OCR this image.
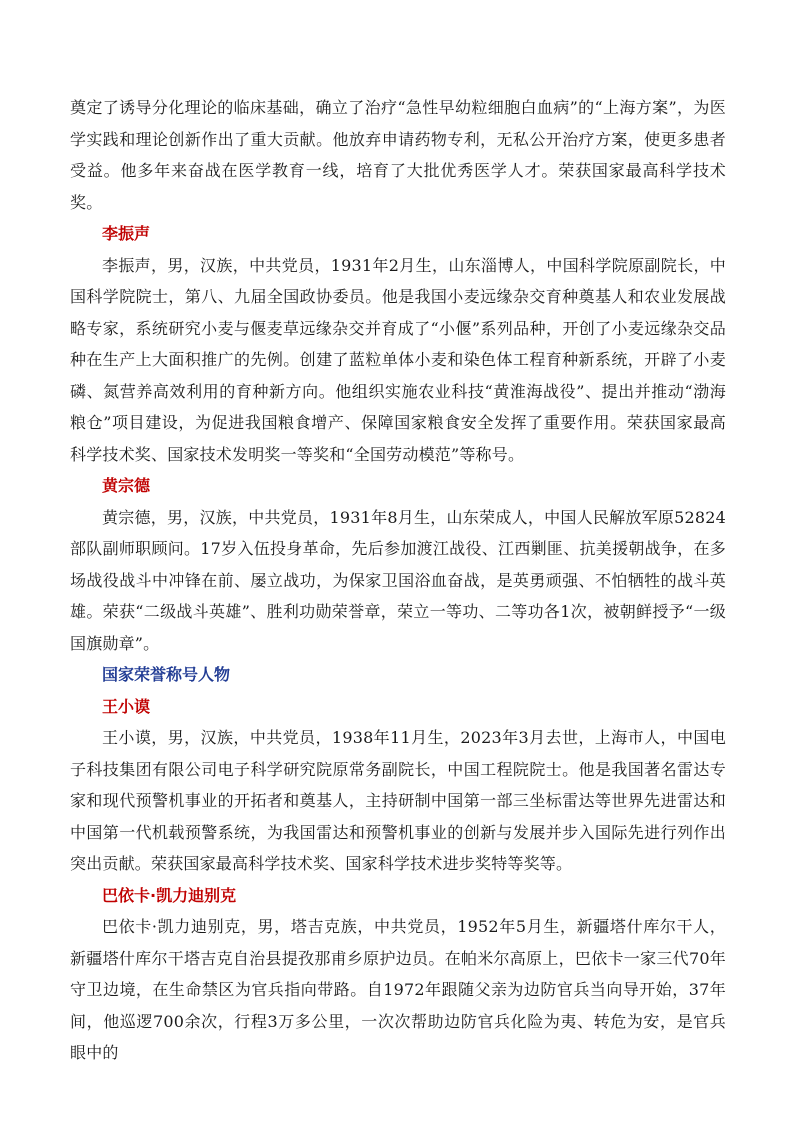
奠定了诱导分化理论的临床基础，确立了治疗“急性早幼粒细胞白血病”的“上海方案”，为医学实践和理论创新作出了重大贡献。他放弃申请药物专利，无私公开治疗方案，使更多患者受益。他多年来奋战在医学教育一线，培育了大批优秀医学人才。荣获国家最高科学技术奖。

李振声

李振声，男，汉族，中共党员，1931年2月生，山东淄博人，中国科学院原副院长，中国科学院院士，第八、九届全国政协委员。他是我国小麦远缘杂交育种奠基人和农业发展战略专家，系统研究小麦与偃麦草远缘杂交并育成了“小偃”系列品种，开创了小麦远缘杂交品种在生产上大面积推广的先例。创建了蓝粒单体小麦和染色体工程育种新系统，开辟了小麦磷、氮营养高效利用的育种新方向。他组织实施农业科技“黄淮海战役”、提出并推动“渤海粮仓”项目建设，为促进我国粮食增产、保障国家粮食安全发挥了重要作用。荣获国家最高科学技术奖、国家技术发明奖一等奖和“全国劳动模范”等称号。

黄宗德

黄宗德，男，汉族，中共党员，1931年8月生，山东荣成人，中国人民解放军原52824部队副师职顾问。17岁入伍投身革命，先后参加渡江战役、江西剿匪、抗美援朝战争，在多场战役战斗中冲锋在前、屡立战功，为保家卫国浴血奋战，是英勇顽强、不怕牺牲的战斗英雄。荣获“二级战斗英雄”、胜利功勋荣誉章，荣立一等功、二等功各1次，被朝鲜授予“一级国旗勋章”。

国家荣誉称号人物

王小谟

王小谟，男，汉族，中共党员，1938年11月生，2023年3月去世，上海市人，中国电子科技集团有限公司电子科学研究院原常务副院长，中国工程院院士。他是我国著名雷达专家和现代预警机事业的开拓者和奠基人，主持研制中国第一部三坐标雷达等世界先进雷达和中国第一代机载预警系统，为我国雷达和预警机事业的创新与发展并步入国际先进行列作出突出贡献。荣获国家最高科学技术奖、国家科学技术进步奖特等奖等。

巴依卡·凯力迪别克

巴依卡·凯力迪别克，男，塔吉克族，中共党员，1952年5月生，新疆塔什库尔干人，新疆塔什库尔干塔吉克自治县提孜那甫乡原护边员。在帕米尔高原上，巴依卡一家三代70年守卫边境，在生命禁区为官兵指向带路。自1972年跟随父亲为边防官兵当向导开始，37年间，他巡逻700余次，行程3万多公里，一次次帮助边防官兵化险为夷、转危为安，是官兵眼中的
